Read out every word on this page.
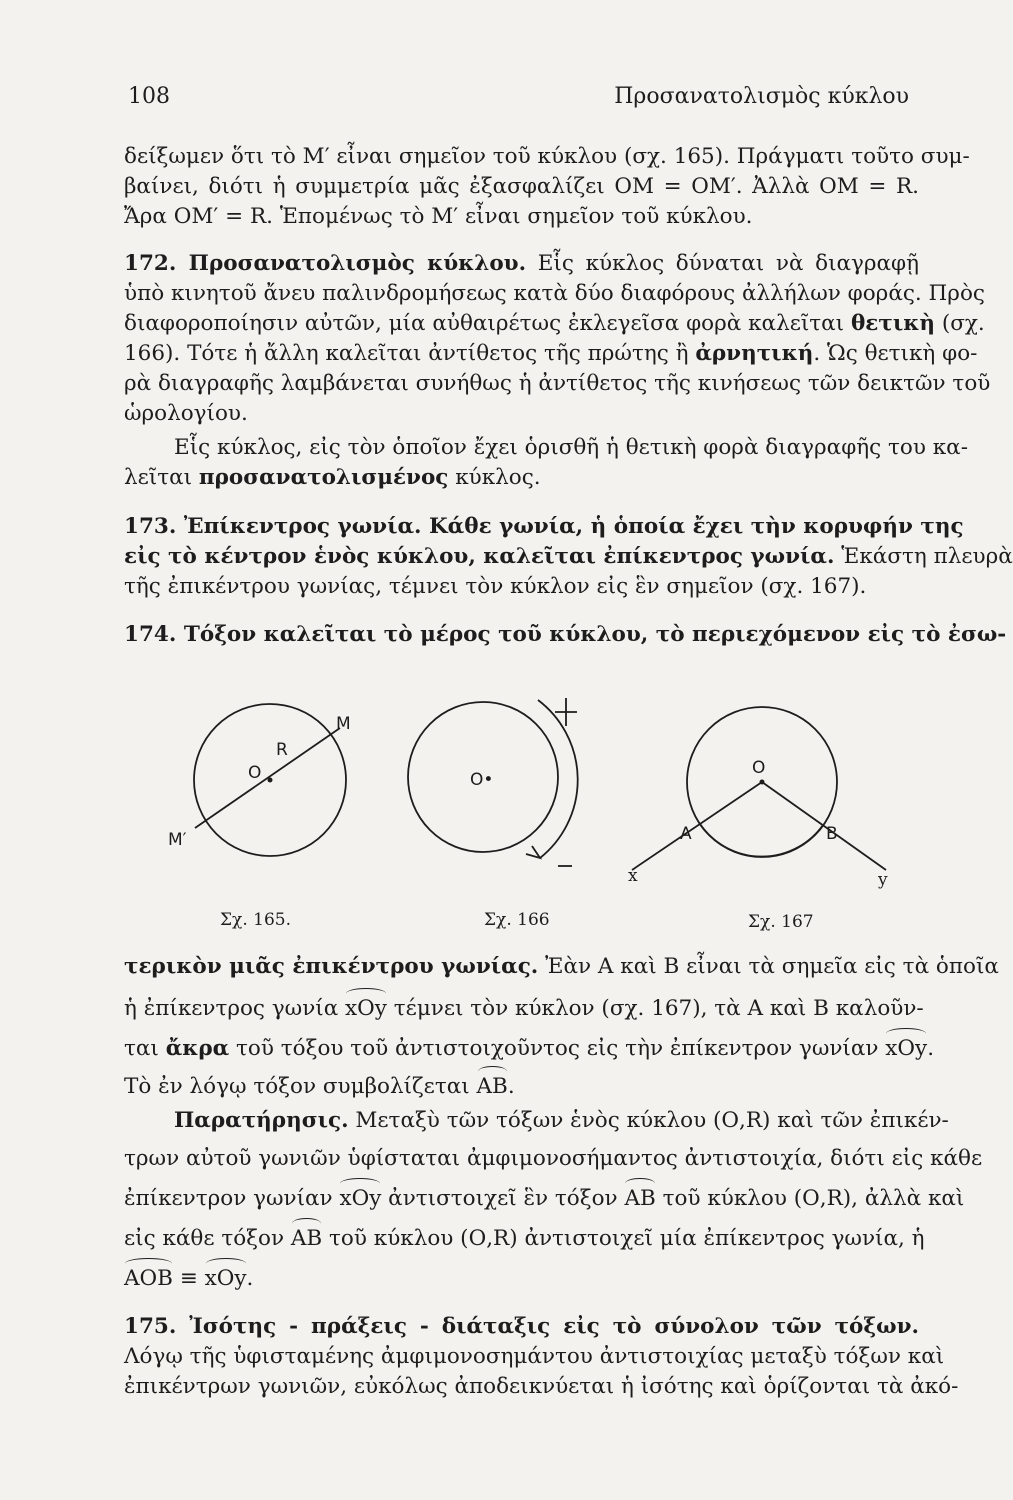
108	Προσανατολισμὸς κύκλου
δείξωμεν ὅτι τὸ Μ′ εἶναι σημεῖον τοῦ κύκλου (σχ. 165). Πράγματι τοῦτο συμ-
βαίνει, διότι ἡ συμμετρία μᾶς ἐξασφαλίζει ΟΜ = ΟΜ′. Ἀλλὰ ΟΜ = R.
Ἄρα ΟΜ′ = R. Ἑπομένως τὸ Μ′ εἶναι σημεῖον τοῦ κύκλου.
172. Προσανατολισμὸς κύκλου. Εἷς κύκλος δύναται νὰ διαγραφῇ
ὑπὸ κινητοῦ ἄνευ παλινδρομήσεως κατὰ δύο διαφόρους ἀλλήλων φοράς. Πρὸς
διαφοροποίησιν αὐτῶν, μία αὐθαιρέτως ἐκλεγεῖσα φορὰ καλεῖται θετικὴ (σχ.
166). Τότε ἡ ἄλλη καλεῖται ἀντίθετος τῆς πρώτης ἢ ἀρνητική. Ὡς θετικὴ φο-
ρὰ διαγραφῆς λαμβάνεται συνήθως ἡ ἀντίθετος τῆς κινήσεως τῶν δεικτῶν τοῦ
ὡρολογίου.
Εἷς κύκλος, εἰς τὸν ὁποῖον ἔχει ὁρισθῆ ἡ θετικὴ φορὰ διαγραφῆς του κα-
λεῖται προσανατολισμένος κύκλος.
173. Ἐπίκεντρος γωνία. Κάθε γωνία, ἡ ὁποία ἔχει τὴν κορυφήν της
εἰς τὸ κέντρον ἑνὸς κύκλου, καλεῖται ἐπίκεντρος γωνία. Ἑκάστη πλευρὰ
τῆς ἐπικέντρου γωνίας, τέμνει τὸν κύκλον εἰς ἓν σημεῖον (σχ. 167).
174. Τόξον καλεῖται τὸ μέρος τοῦ κύκλου, τὸ περιεχόμενον εἰς τὸ ἐσω-
O
R
M
M′
Σχ. 165.
O•
Σχ. 166
O
A	B
x	y
Σχ. 167
τερικὸν μιᾶς ἐπικέντρου γωνίας. Ἐὰν Α καὶ Β εἶναι τὰ σημεῖα εἰς τὰ ὁποῖα
ἡ ἐπίκεντρος γωνία xOy τέμνει τὸν κύκλον (σχ. 167), τὰ Α καὶ Β καλοῦν-
ται ἄκρα τοῦ τόξου τοῦ ἀντιστοιχοῦντος εἰς τὴν ἐπίκεντρον γωνίαν xOy.
Τὸ ἐν λόγῳ τόξον συμβολίζεται AB.
Παρατήρησις. Μεταξὺ τῶν τόξων ἑνὸς κύκλου (Ο,R) καὶ τῶν ἐπικέν-
τρων αὐτοῦ γωνιῶν ὑφίσταται ἀμφιμονοσήμαντος ἀντιστοιχία, διότι εἰς κάθε
ἐπίκεντρον γωνίαν xOy ἀντιστοιχεῖ ἓν τόξον AB τοῦ κύκλου (Ο,R), ἀλλὰ καὶ
εἰς κάθε τόξον AB τοῦ κύκλου (Ο,R) ἀντιστοιχεῖ μία ἐπίκεντρος γωνία, ἡ
ΑΟΒ ≡ xOy.
175. Ἰσότης - πράξεις - διάταξις εἰς τὸ σύνολον τῶν τόξων.
Λόγῳ τῆς ὑφισταμένης ἀμφιμονοσημάντου ἀντιστοιχίας μεταξὺ τόξων καὶ
ἐπικέντρων γωνιῶν, εὐκόλως ἀποδεικνύεται ἡ ἰσότης καὶ ὁρίζονται τὰ ἀκό-
